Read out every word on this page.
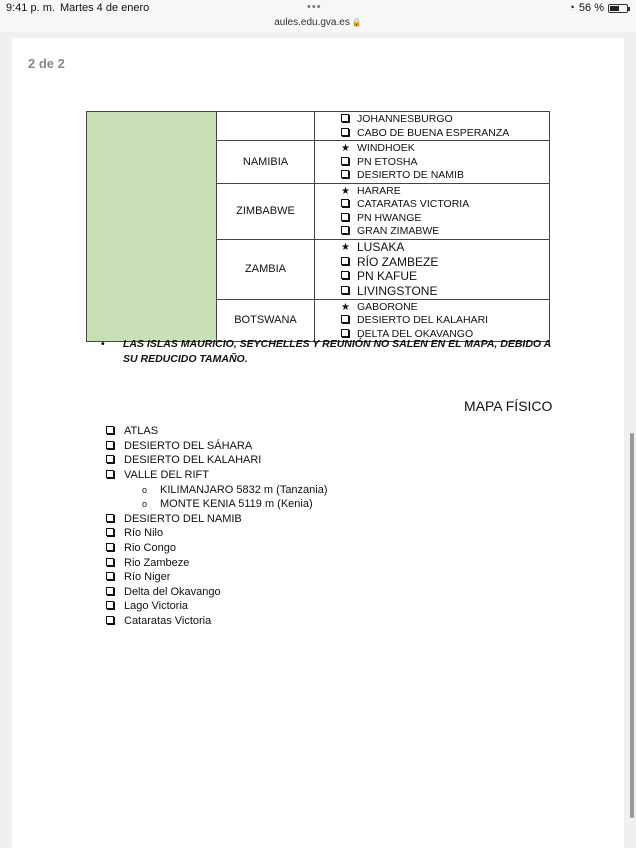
9:41 p. m. Martes 4 de enero	•••
aules.edu.gva.es 🔒
◔ 56 %
2 de 2

		JOHANNESBURGO
CABO DE BUENA ESPERANZA

	NAMIBIA	★ WINDHOEK
PN ETOSHA
DESIERTO DE NAMIB

	ZIMBABWE	★ HARARE
CATARATAS VICTORIA
PN HWANGE
GRAN ZIMABWE

	ZAMBIA	★ LUSAKA
RÍO ZAMBEZE
PN KAFUE
LIVINGSTONE

	BOTSWANA	★ GABORONE
DESIERTO DEL KALAHARI
DELTA DEL OKAVANGO
•	LAS ISLAS MAURICIO, SEYCHELLES Y REUNIÓN NO SALEN EN EL MAPA, DEBIDO A SU REDUCIDO TAMAÑO.
MAPA FÍSICO
ATLAS
DESIERTO DEL SÁHARA
DESIERTO DEL KALAHARI
VALLE DEL RIFT
o	KILIMANJARO 5832 m (Tanzania)
o	MONTE KENIA 5119 m (Kenia)
DESIERTO DEL NAMIB
Río Nilo
Rio Congo
Rio Zambeze
Río Niger
Delta del Okavango
Lago Victoria
Cataratas Victoria
